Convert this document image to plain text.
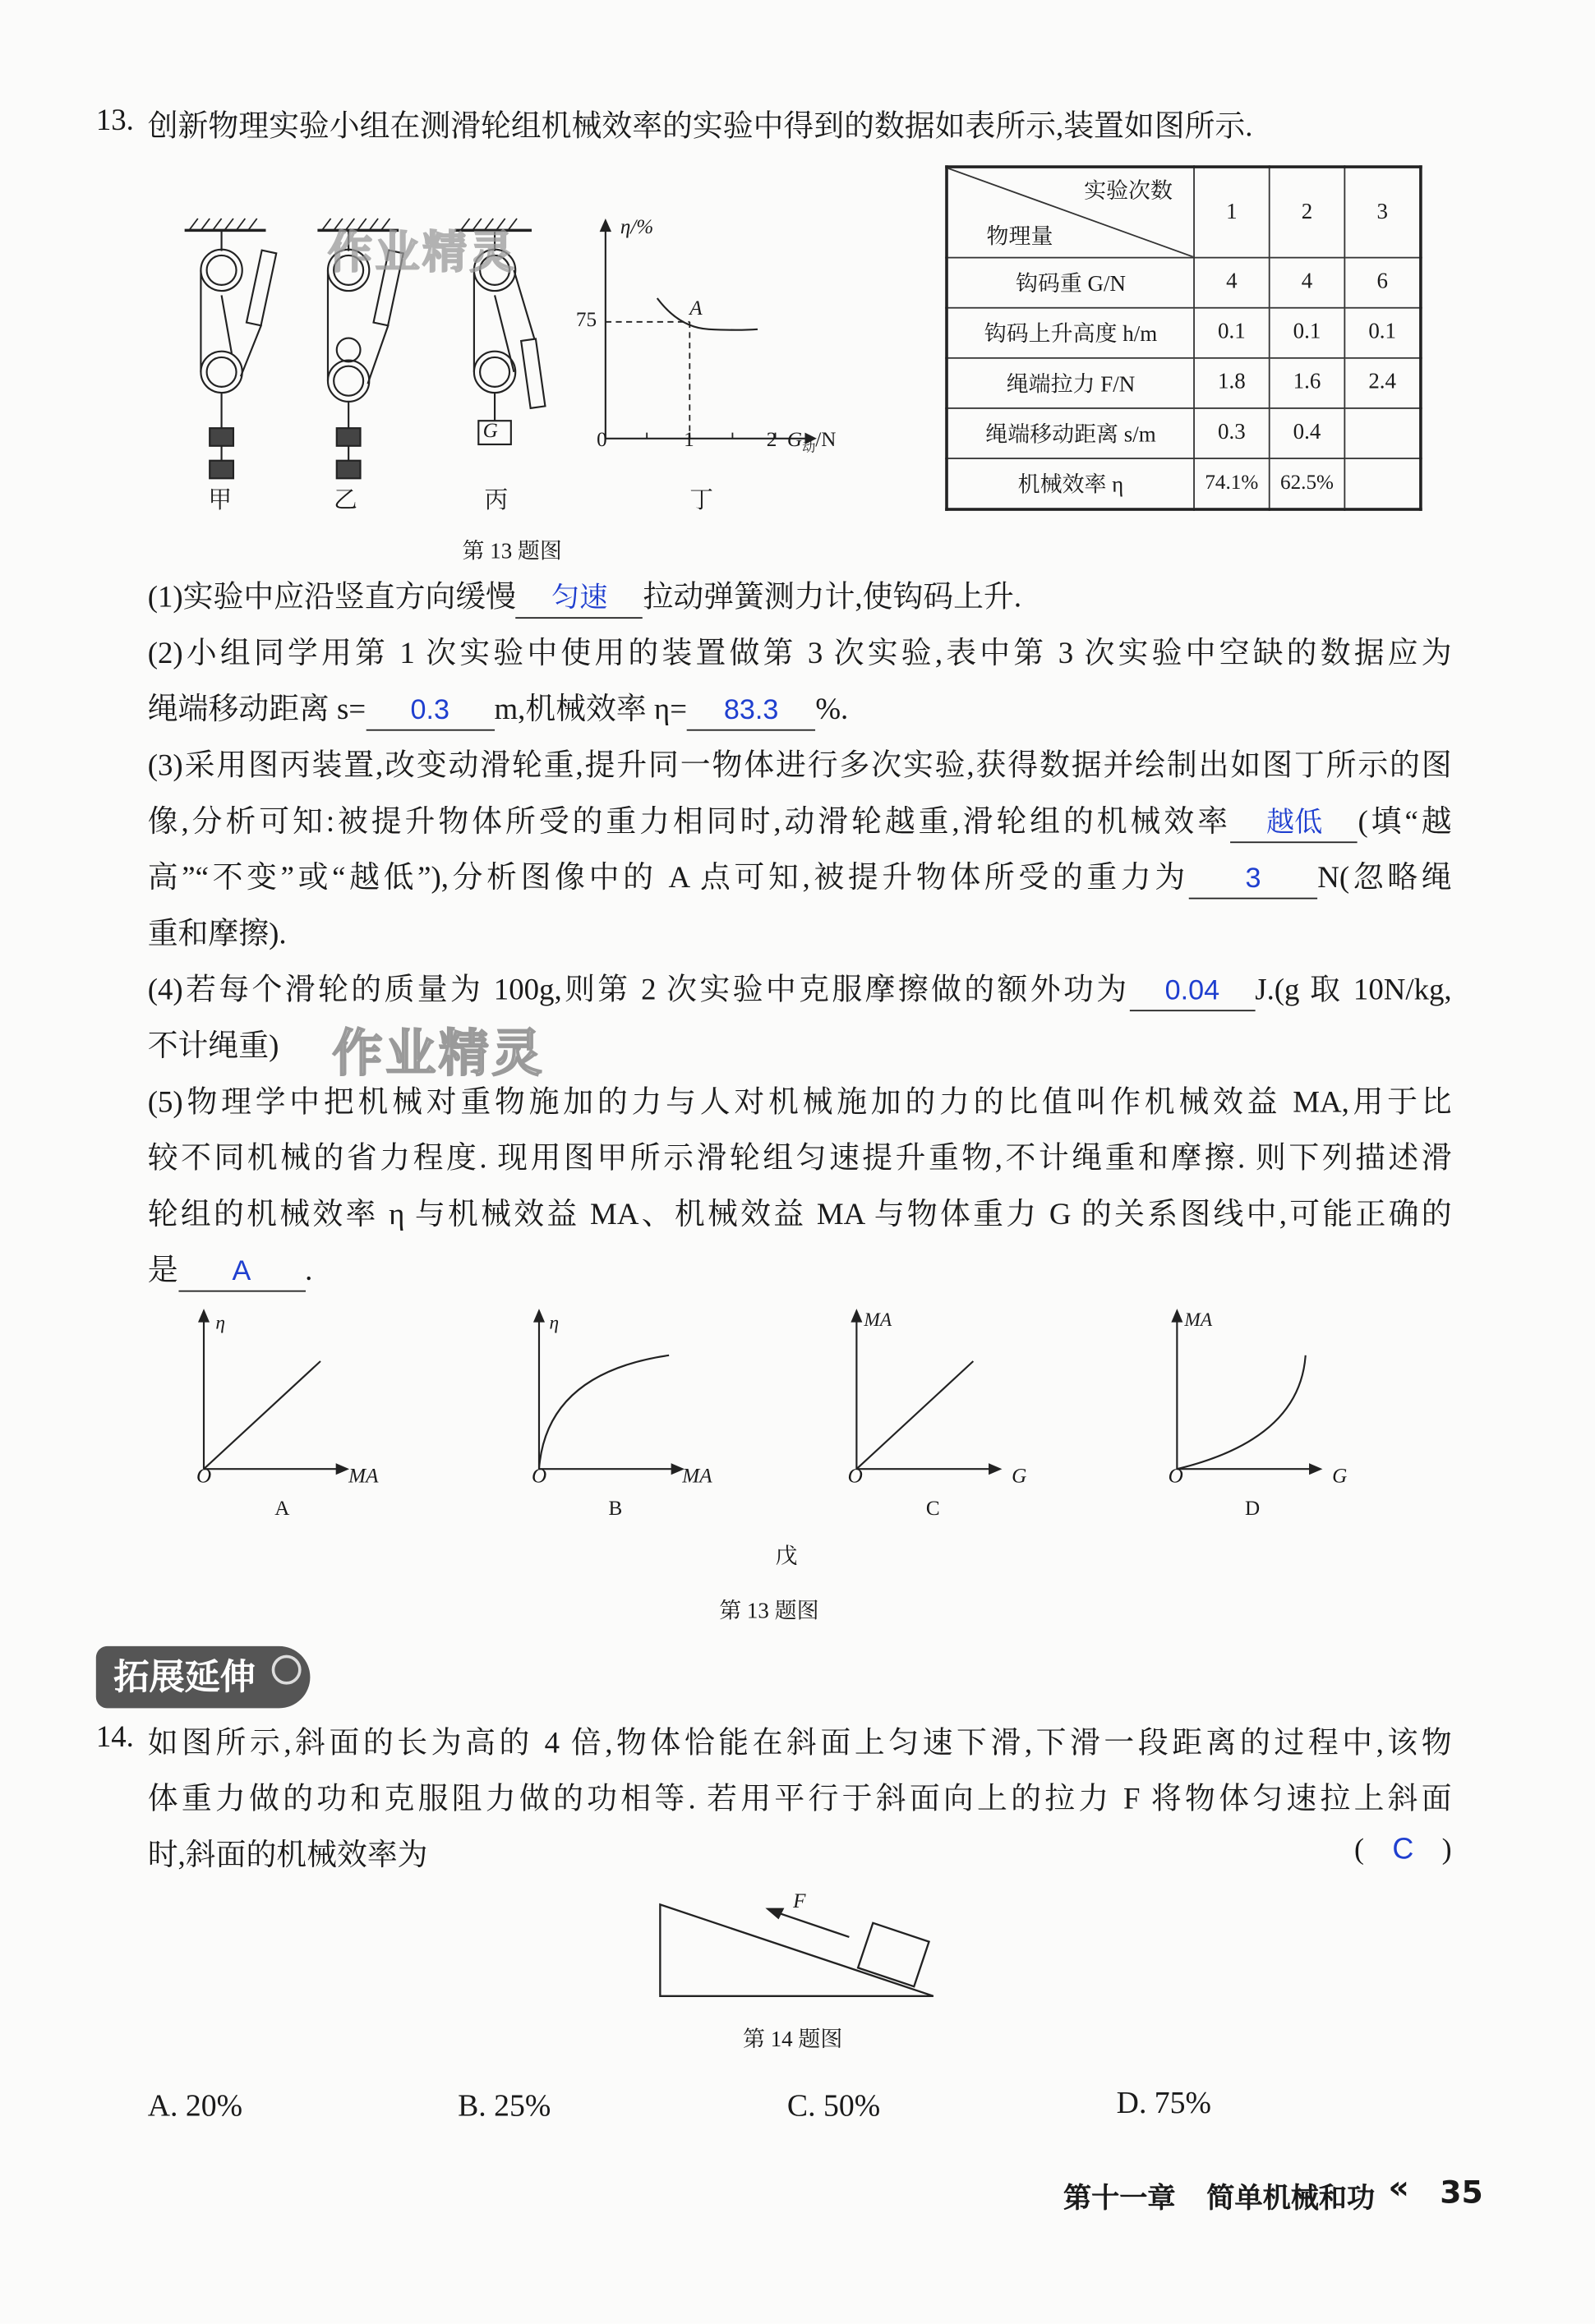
13. 创新物理实验小组在测滑轮组机械效率的实验中得到的数据如表所示,装置如图所示.
G
甲	乙	丙	丁
作业精灵
η/%
75
A
0	1	2 $G_动/N$
第 13 题图
实验次数
物理量	1	2	3
钩码重 G/N	4	4	6
钩码上升高度 h/m	0.1	0.1	0.1
绳端拉力 F/N	1.8	1.6	2.4
绳端移动距离 s/m	0.3	0.4	
机械效率 η	74.1%	62.5%	
(1)实验中应沿竖直方向缓慢 匀速 拉动弹簧测力计,使钩码上升.
(2)小组同学用第 1 次实验中使用的装置做第 3 次实验,表中第 3 次实验中空缺的数据应为
绳端移动距离 s=	0.3	m,机械效率 η= 83.3 %.
(3)采用图丙装置,改变动滑轮重,提升同一物体进行多次实验,获得数据并绘制出如图丁所示的图
像,分析可知:被提升物体所受的重力相同时,动滑轮越重,滑轮组的机械效率 越低 (填“越
高”“不变”或“越低”),分析图像中的 A 点可知,被提升物体所受的重力为	3	N(忽略绳
重和摩擦).
(4)若每个滑轮的质量为 100g,则第 2 次实验中克服摩擦做的额外功为 0.04 J.(g 取 10N/kg,
不计绳重)	作业精灵
(5)物理学中把机械对重物施加的力与人对机械施加的力的比值叫作机械效益 MA,用于比
较不同机械的省力程度. 现用图甲所示滑轮组匀速提升重物,不计绳重和摩擦. 则下列描述滑
轮组的机械效率 η 与机械效益 MA、机械效益 MA 与物体重力 G 的关系图线中,可能正确的
是	A	.
η
O	MA
A
η
O	MA
B
MA
O	G
C
MA
O	G
D
戊
第 13 题图
拓展延伸
14. 如图所示,斜面的长为高的 4 倍,物体恰能在斜面上匀速下滑,下滑一段距离的过程中,该物
体重力做的功和克服阻力做的功相等. 若用平行于斜面向上的拉力 F 将物体匀速拉上斜面
时,斜面的机械效率为	( C )
F
第 14 题图
A. 20%	B. 25%	C. 50%	D. 75%
第十一章 简单机械和功 « 35
